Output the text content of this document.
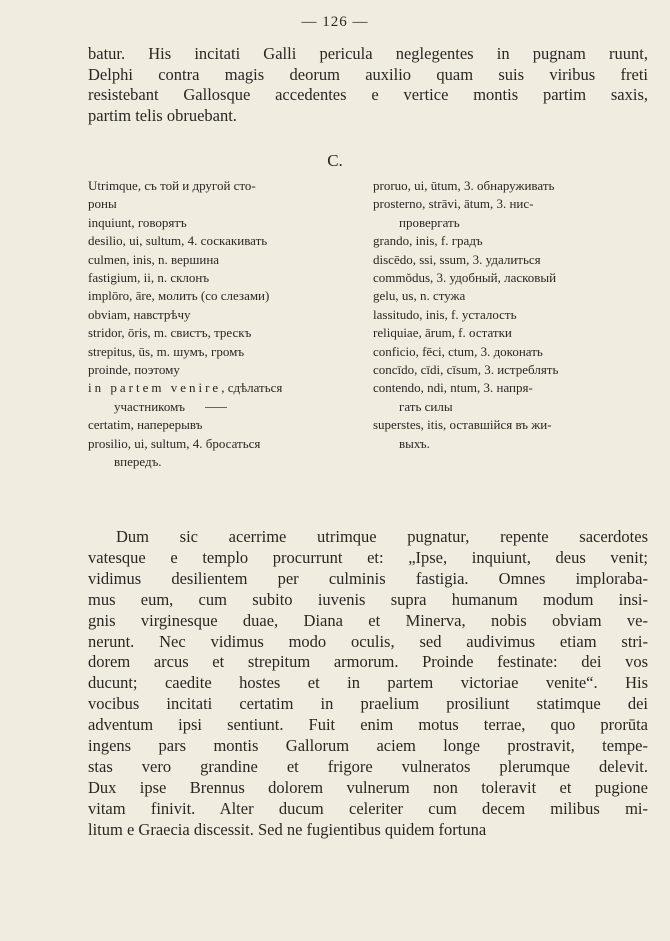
— 126 —
batur. His incitati Galli pericula neglegentes in pugnam ruunt,
Delphi contra magis deorum auxilio quam suis viribus freti
resistebant Gallosque accedentes e vertice montis partim saxis,
partim telis obruebant.
C.
Utrimque, съ той и другой сто-
роны
inquiunt, говорятъ
desilio, ui, sultum, 4. соскакивать
culmen, inis, n. вершина
fastigium, ii, n. склонъ
implōro, āre, молить (со слезами)
obviam, навстрѣчу
stridor, ōris, m. свистъ, трескъ
strepitus, ūs, m. шумъ, громъ
proinde, поэтому
in partem venire, сдѣлаться
участникомъ
certatim, наперерывъ
prosilio, ui, sultum, 4. бросаться
впередъ.
proruo, ui, ūtum, 3. обнаруживать
prosterno, strāvi, ātum, 3. нис-
провергать
grando, inis, f. градъ
discēdo, ssi, ssum, 3. удалиться
commŏdus, 3. удобный, ласковый
gelu, us, n. стужа
lassitudo, inis, f. усталость
reliquiae, ārum, f. остатки
conficio, fēci, ctum, 3. доконать
concīdo, cīdi, cīsum, 3. истреблять
contendo, ndi, ntum, 3. напря-
гать силы
superstes, itis, оставшійся въ жи-
выхъ.
Dum sic acerrime utrimque pugnatur, repente sacerdotes
vatesque e templo procurrunt et: „Ipse, inquiunt, deus venit;
vidimus desilientem per culminis fastigia. Omnes imploraba-
mus eum, cum subito iuvenis supra humanum modum insi-
gnis virginesque duae, Diana et Minerva, nobis obviam ve-
nerunt. Nec vidimus modo oculis, sed audivimus etiam stri-
dorem arcus et strepitum armorum. Proinde festinate: dei vos
ducunt; caedite hostes et in partem victoriae venite“. His
vocibus incitati certatim in praelium prosiliunt statimque dei
adventum ipsi sentiunt. Fuit enim motus terrae, quo prorūta
ingens pars montis Gallorum aciem longe prostravit, tempe-
stas vero grandine et frigore vulneratos plerumque delevit.
Dux ipse Brennus dolorem vulnerum non toleravit et pugione
vitam finivit. Alter ducum celeriter cum decem milibus mi-
litum e Graecia discessit. Sed ne fugientibus quidem fortuna
